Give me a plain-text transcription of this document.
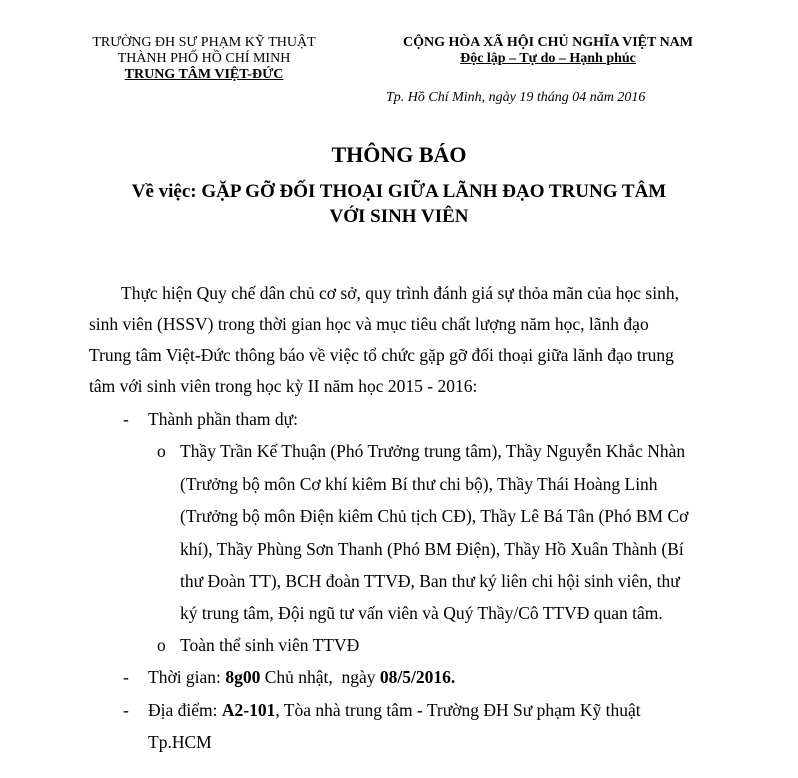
TRƯỜNG ĐH SƯ PHẠM KỸ THUẬT
THÀNH PHỐ HỒ CHÍ MINH
TRUNG TÂM VIỆT-ĐỨC
CỘNG HÒA XÃ HỘI CHỦ NGHĨA VIỆT NAM
Độc lập – Tự do – Hạnh phúc
Tp. Hồ Chí Minh, ngày 19 tháng 04 năm 2016
THÔNG BÁO
Về việc: GẶP GỠ ĐỐI THOẠI GIỮA LÃNH ĐẠO TRUNG TÂM
VỚI SINH VIÊN
Thực hiện Quy chế dân chủ cơ sở, quy trình đánh giá sự thỏa mãn của học sinh,
sinh viên (HSSV) trong thời gian học và mục tiêu chất lượng năm học, lãnh đạo
Trung tâm Việt-Đức thông báo về việc tổ chức gặp gỡ đối thoại giữa lãnh đạo trung
tâm với sinh viên trong học kỳ II năm học 2015 - 2016:
- Thành phần tham dự:
o Thầy Trần Kế Thuận (Phó Trưởng trung tâm), Thầy Nguyễn Khắc Nhàn
(Trưởng bộ môn Cơ khí kiêm Bí thư chi bộ), Thầy Thái Hoàng Linh
(Trưởng bộ môn Điện kiêm Chủ tịch CĐ), Thầy Lê Bá Tân (Phó BM Cơ
khí), Thầy Phùng Sơn Thanh (Phó BM Điện), Thầy Hồ Xuân Thành (Bí
thư Đoàn TT), BCH đoàn TTVĐ, Ban thư ký liên chi hội sinh viên, thư
ký trung tâm, Đội ngũ tư vấn viên và Quý Thầy/Cô TTVĐ quan tâm.
o Toàn thể sinh viên TTVĐ
- Thời gian: 8g00 Chủ nhật,  ngày 08/5/2016.
- Địa điểm: A2-101, Tòa nhà trung tâm - Trường ĐH Sư phạm Kỹ thuật
Tp.HCM
